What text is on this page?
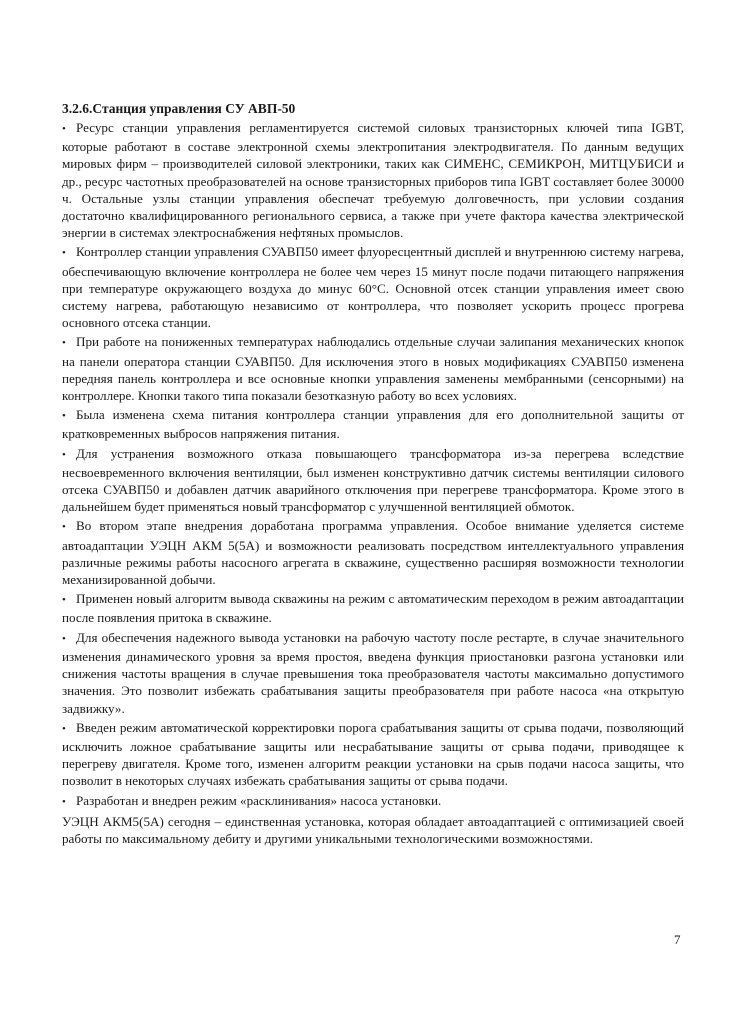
3.2.6.Станция управления СУ АВП-50
• Ресурс станции управления регламентируется системой силовых транзисторных ключей типа IGBT, которые работают в составе электронной схемы электропитания электродвигателя. По данным ведущих мировых фирм – производителей силовой электроники, таких как СИМЕНС, СЕМИКРОН, МИТЦУБИСИ и др., ресурс частотных преобразователей на основе транзисторных приборов типа IGBT составляет более 30000 ч. Остальные узлы станции управления обеспечат требуемую долговечность, при условии создания достаточно квалифицированного регионального сервиса, а также при учете фактора качества электрической энергии в системах электроснабжения нефтяных промыслов.
• Контроллер станции управления СУАВП50 имеет флуоресцентный дисплей и внутреннюю систему нагрева, обеспечивающую включение контроллера не более чем через 15 минут после подачи питающего напряжения при температуре окружающего воздуха до минус 60°С. Основной отсек станции управления имеет свою систему нагрева, работающую независимо от контроллера, что позволяет ускорить процесс прогрева основного отсека станции.
• При работе на пониженных температурах наблюдались отдельные случаи залипания механических кнопок на панели оператора станции СУАВП50. Для исключения этого в новых модификациях СУАВП50 изменена передняя панель контроллера и все основные кнопки управления заменены мембранными (сенсорными) на контроллере. Кнопки такого типа показали безотказную работу во всех условиях.
• Была изменена схема питания контроллера станции управления для его дополнительной защиты от кратковременных выбросов напряжения питания.
• Для устранения возможного отказа повышающего трансформатора из-за перегрева вследствие несвоевременного включения вентиляции, был изменен конструктивно датчик системы вентиляции силового отсека СУАВП50 и добавлен датчик аварийного отключения при перегреве трансформатора. Кроме этого в дальнейшем будет применяться новый трансформатор с улучшенной вентиляцией обмоток.
• Во втором этапе внедрения доработана программа управления. Особое внимание уделяется системе автоадаптации УЭЦН АКМ 5(5А) и возможности реализовать посредством интеллектуального управления различные режимы работы насосного агрегата в скважине, существенно расширяя возможности технологии механизированной добычи.
• Применен новый алгоритм вывода скважины на режим с автоматическим переходом в режим автоадаптации после появления притока в скважине.
• Для обеспечения надежного вывода установки на рабочую частоту после рестарте, в случае значительного изменения динамического уровня за время простоя, введена функция приостановки разгона установки или снижения частоты вращения в случае превышения тока преобразователя частоты максимально допустимого значения. Это позволит избежать срабатывания защиты преобразователя при работе насоса «на открытую задвижку».
• Введен режим автоматической корректировки порога срабатывания защиты от срыва подачи, позволяющий исключить ложное срабатывание защиты или несрабатывание защиты от срыва подачи, приводящее к перегреву двигателя. Кроме того, изменен алгоритм реакции установки на срыв подачи насоса защиты, что позволит в некоторых случаях избежать срабатывания защиты от срыва подачи.
• Разработан и внедрен режим «расклинивания» насоса установки.
УЭЦН АКМ5(5А) сегодня – единственная установка, которая обладает автоадаптацией с оптимизацией своей работы по максимальному дебиту и другими уникальными технологическими возможностями.
7
